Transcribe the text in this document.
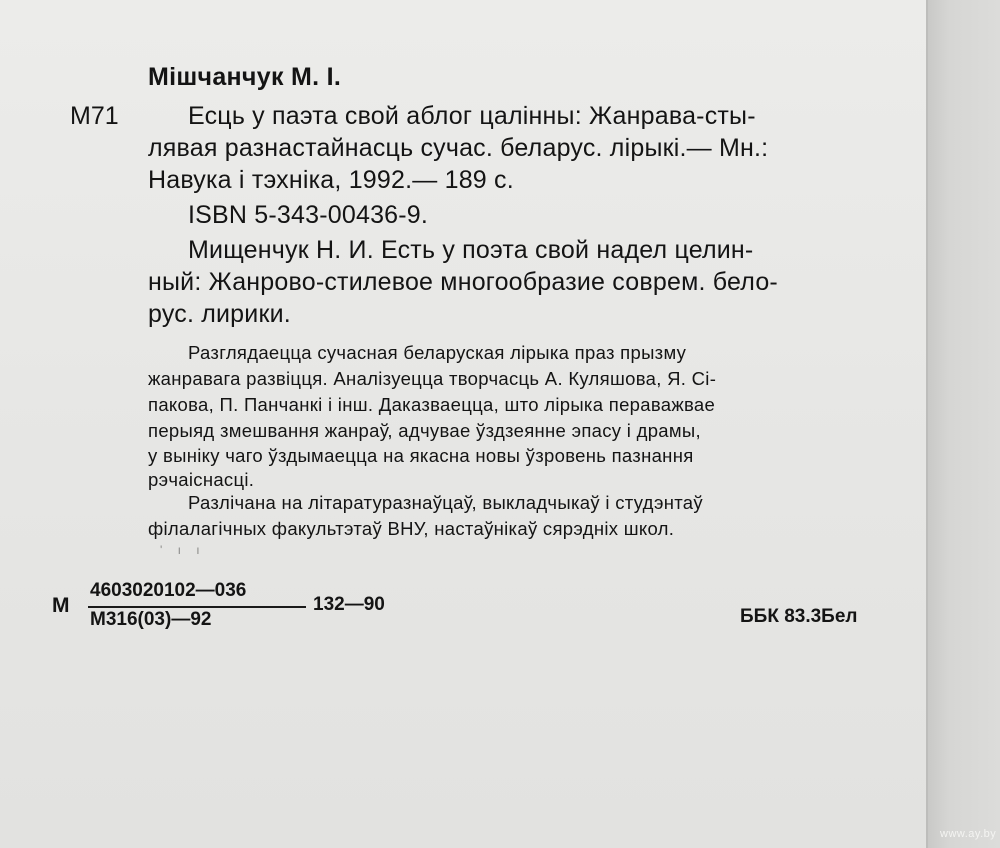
Мішчанчук М. І.
М71	Есць у паэта свой аблог цалінны: Жанрава-сты-
лявая разнастайнасць сучас. беларус. лірыкі.— Мн.:
Навука і тэхніка, 1992.— 189 с.
ISBN 5-343-00436-9.
Мищенчук Н. И. Есть у поэта свой надел целин-
ный: Жанрово-стилевое многообразие соврем. бело-
рус. лирики.
Разглядаецца сучасная беларуская лірыка праз прызму
жанравага развіцця. Аналізуецца творчасць А. Куляшова, Я. Сі-
пакова, П. Панчанкі і інш. Даказваецца, што лірыка пераважвае
перыяд змешвання жанраў, адчувае ўздзеянне эпасу і драмы,
у выніку чаго ўздымаецца на якасна новы ўзровень пазнання
рэчаіснасці.
Разлічана на літаратуразнаўцаў, выкладчыкаў і студэнтаў
філалагічных факультэтаў ВНУ, настаўнікаў сярэдніх школ.
' ı ı
М
4603020102—036
М316(03)—92
132—90
ББК 83.3Бел
www.ay.by
